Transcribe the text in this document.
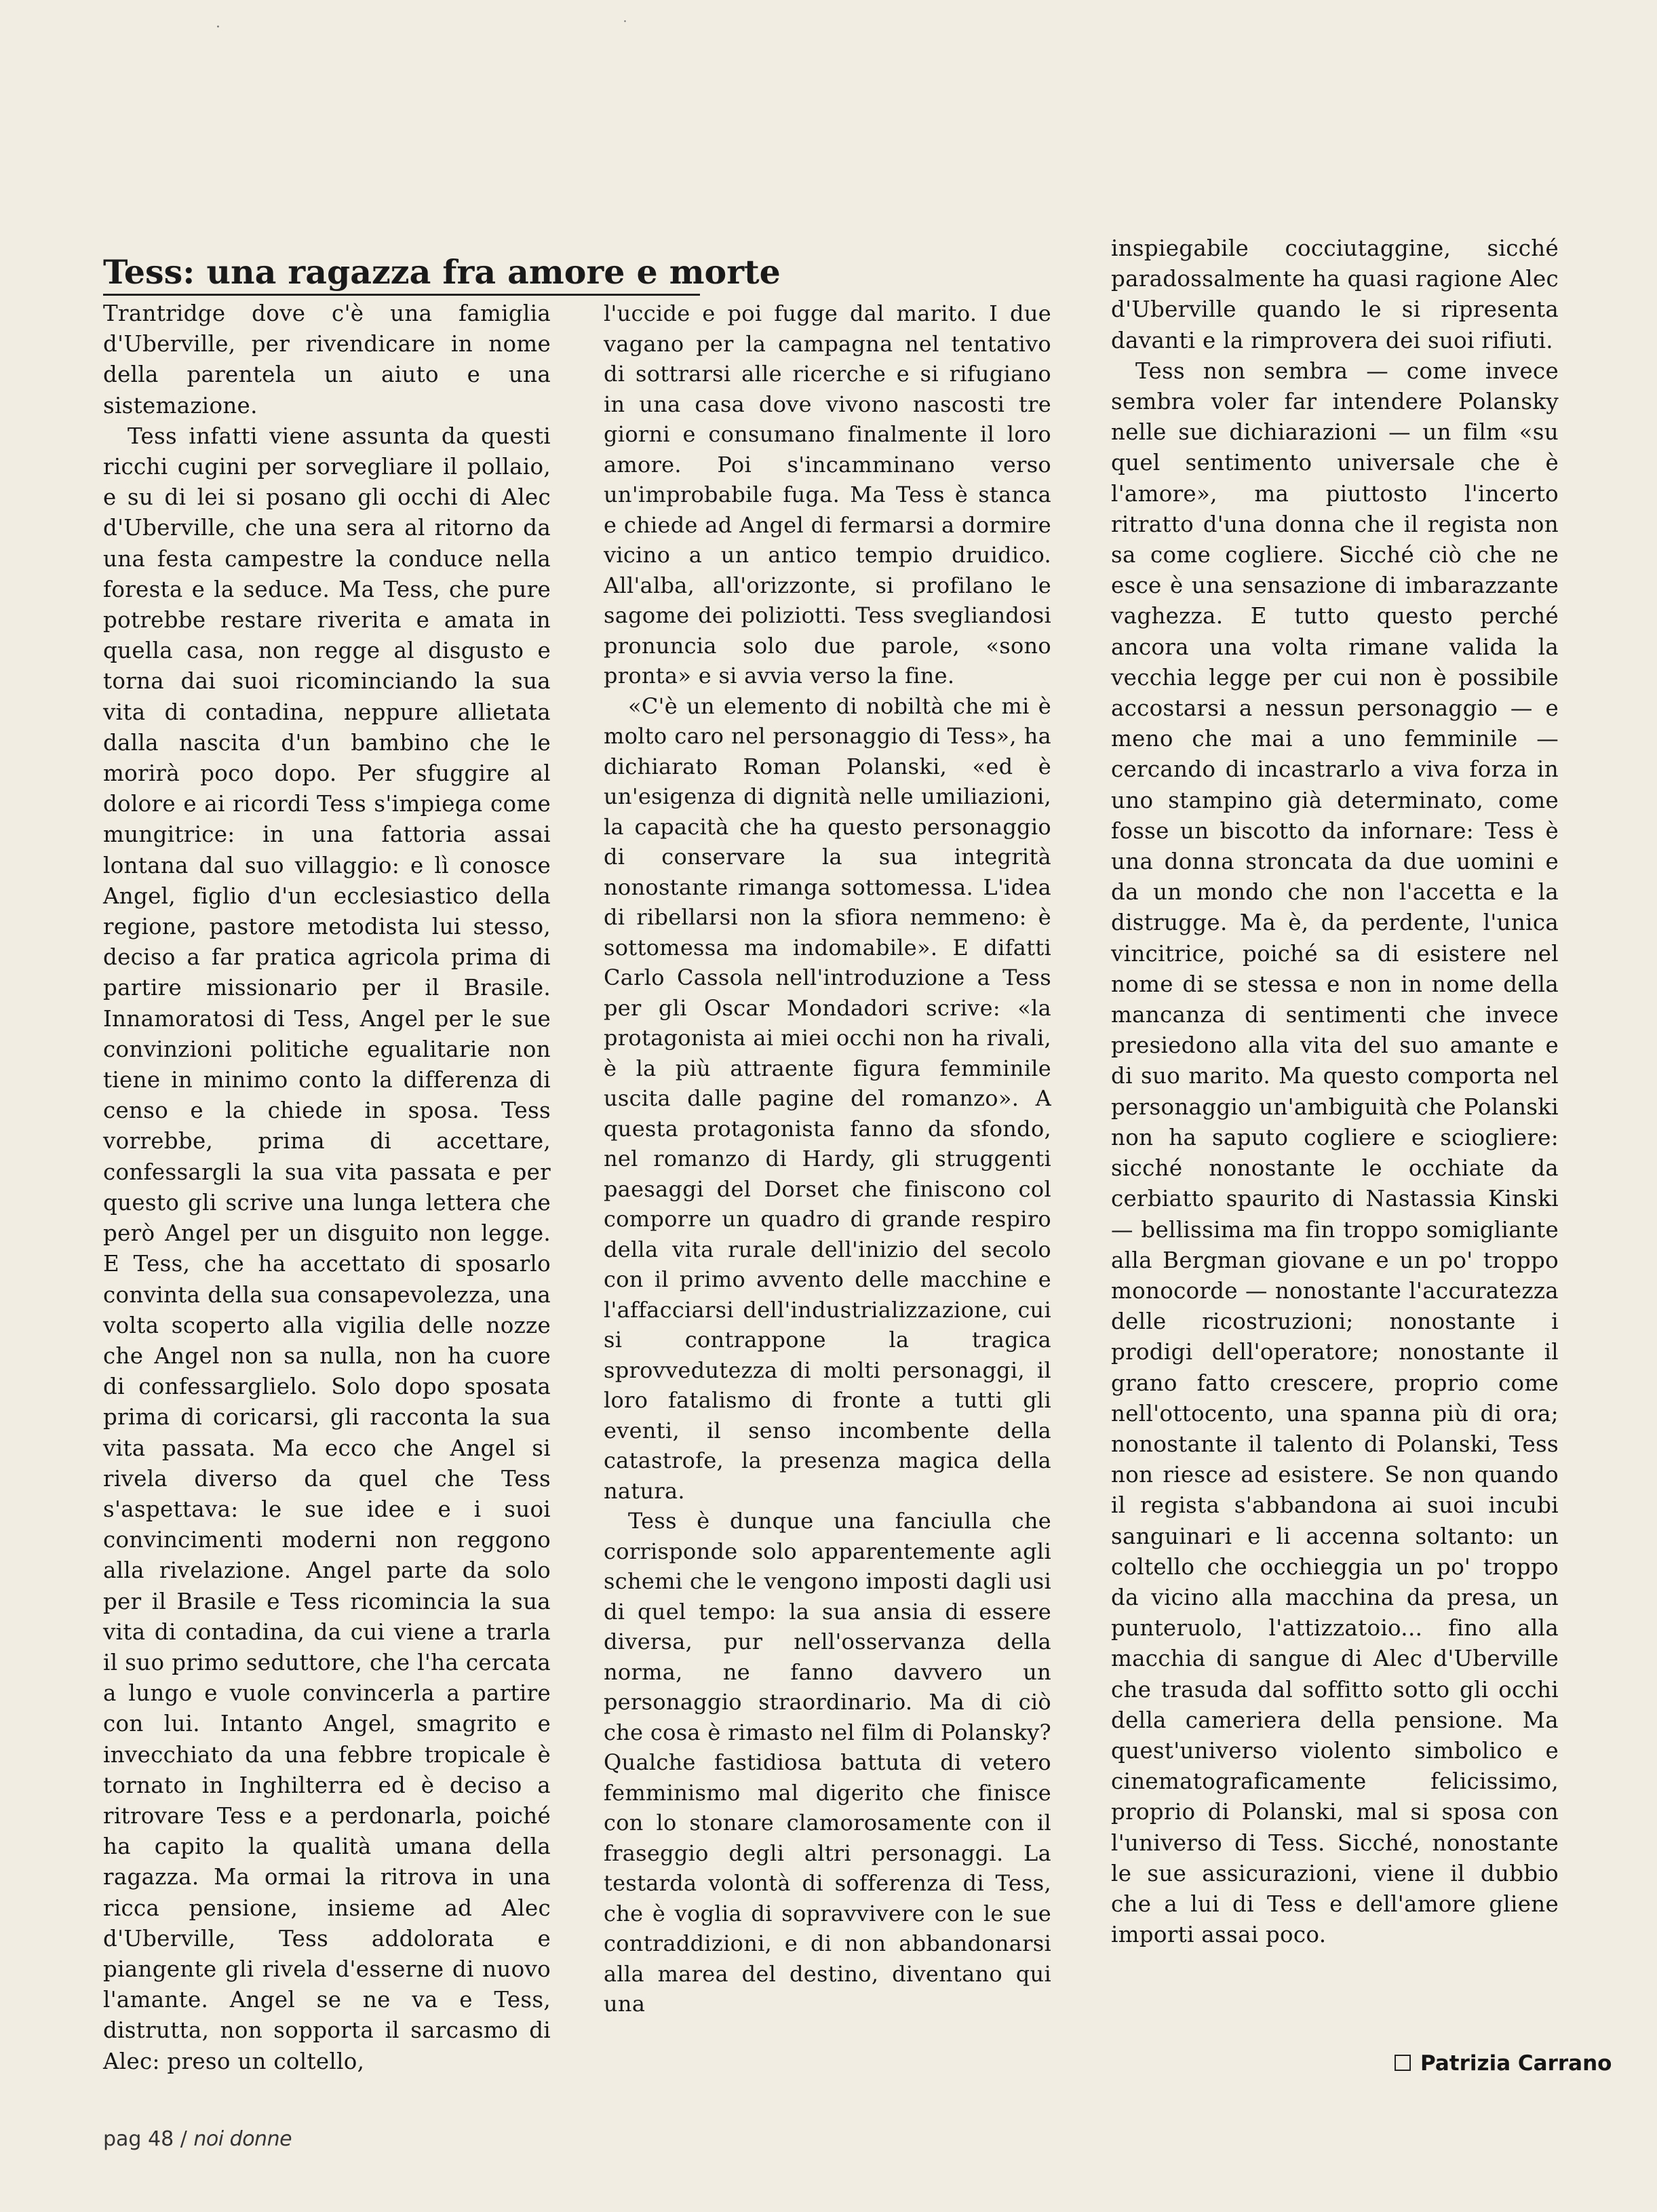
·	˙
Tess: una ragazza fra amore e morte

Trantridge dove c'è una famiglia d'Uberville, per rivendicare in nome della parentela un aiuto e una sistemazione.

Tess infatti viene assunta da questi ricchi cugini per sorvegliare il pollaio, e su di lei si posano gli occhi di Alec d'Uberville, che una sera al ritorno da una festa campestre la conduce nella foresta e la seduce. Ma Tess, che pure potrebbe restare riverita e amata in quella casa, non regge al disgusto e torna dai suoi ricominciando la sua vita di contadina, neppure allietata dalla nascita d'un bambino che le morirà poco dopo. Per sfuggire al dolore e ai ricordi Tess s'impiega come mungitrice: in una fattoria assai lontana dal suo villaggio: e lì conosce Angel, figlio d'un ecclesiastico della regione, pastore metodista lui stesso, deciso a far pratica agricola prima di partire missionario per il Brasile. Innamoratosi di Tess, Angel per le sue convinzioni politiche egualitarie non tiene in minimo conto la differenza di censo e la chiede in sposa. Tess vorrebbe, prima di accettare, confessargli la sua vita passata e per questo gli scrive una lunga lettera che però Angel per un disguito non legge. E Tess, che ha accettato di sposarlo convinta della sua consapevolezza, una volta scoperto alla vigilia delle nozze che Angel non sa nulla, non ha cuore di confessarglielo. Solo dopo sposata prima di coricarsi, gli racconta la sua vita passata. Ma ecco che Angel si rivela diverso da quel che Tess s'aspettava: le sue idee e i suoi convincimenti moderni non reggono alla rivelazione. Angel parte da solo per il Brasile e Tess ricomincia la sua vita di contadina, da cui viene a trarla il suo primo seduttore, che l'ha cercata a lungo e vuole convincerla a partire con lui. Intanto Angel, smagrito e invecchiato da una febbre tropicale è tornato in Inghilterra ed è deciso a ritrovare Tess e a perdonarla, poiché ha capito la qualità umana della ragazza. Ma ormai la ritrova in una ricca pensione, insieme ad Alec d'Uberville, Tess addolorata e piangente gli rivela d'esserne di nuovo l'amante. Angel se ne va e Tess, distrutta, non sopporta il sarcasmo di Alec: preso un coltello,

l'uccide e poi fugge dal marito. I due vagano per la campagna nel tentativo di sottrarsi alle ricerche e si rifugiano in una casa dove vivono nascosti tre giorni e consumano finalmente il loro amore. Poi s'incamminano verso un'improbabile fuga. Ma Tess è stanca e chiede ad Angel di fermarsi a dormire vicino a un antico tempio druidico. All'alba, all'orizzonte, si profilano le sagome dei poliziotti. Tess svegliandosi pronuncia solo due parole, «sono pronta» e si avvia verso la fine.

«C'è un elemento di nobiltà che mi è molto caro nel personaggio di Tess», ha dichiarato Roman Polanski, «ed è un'esigenza di dignità nelle umiliazioni, la capacità che ha questo personaggio di conservare la sua integrità nonostante rimanga sottomessa. L'idea di ribellarsi non la sfiora nemmeno: è sottomessa ma indomabile». E difatti Carlo Cassola nell'introduzione a Tess per gli Oscar Mondadori scrive: «la protagonista ai miei occhi non ha rivali, è la più attraente figura femminile uscita dalle pagine del romanzo». A questa protagonista fanno da sfondo, nel romanzo di Hardy, gli struggenti paesaggi del Dorset che finiscono col comporre un quadro di grande respiro della vita rurale dell'inizio del secolo con il primo avvento delle macchine e l'affacciarsi dell'industrializzazione, cui si contrappone la tragica sprovvedutezza di molti personaggi, il loro fatalismo di fronte a tutti gli eventi, il senso incombente della catastrofe, la presenza magica della natura.

Tess è dunque una fanciulla che corrisponde solo apparentemente agli schemi che le vengono imposti dagli usi di quel tempo: la sua ansia di essere diversa, pur nell'osservanza della norma, ne fanno davvero un personaggio straordinario. Ma di ciò che cosa è rimasto nel film di Polansky? Qualche fastidiosa battuta di vetero femminismo mal digerito che finisce con lo stonare clamorosamente con il fraseggio degli altri personaggi. La testarda volontà di sofferenza di Tess, che è voglia di sopravvivere con le sue contraddizioni, e di non abbandonarsi alla marea del destino, diventano qui una

inspiegabile cocciutaggine, sicché paradossalmente ha quasi ragione Alec d'Uberville quando le si ripresenta davanti e la rimprovera dei suoi rifiuti.

Tess non sembra — come invece sembra voler far intendere Polansky nelle sue dichiarazioni — un film «su quel sentimento universale che è l'amore», ma piuttosto l'incerto ritratto d'una donna che il regista non sa come cogliere. Sicché ciò che ne esce è una sensazione di imbarazzante vaghezza. E tutto questo perché ancora una volta rimane valida la vecchia legge per cui non è possibile accostarsi a nessun personaggio — e meno che mai a uno femminile — cercando di incastrarlo a viva forza in uno stampino già determinato, come fosse un biscotto da infornare: Tess è una donna stroncata da due uomini e da un mondo che non l'accetta e la distrugge. Ma è, da perdente, l'unica vincitrice, poiché sa di esistere nel nome di se stessa e non in nome della mancanza di sentimenti che invece presiedono alla vita del suo amante e di suo marito. Ma questo comporta nel personaggio un'ambiguità che Polanski non ha saputo cogliere e sciogliere: sicché nonostante le occhiate da cerbiatto spaurito di Nastassia Kinski — bellissima ma fin troppo somigliante alla Bergman giovane e un po' troppo monocorde — nonostante l'accuratezza delle ricostruzioni; nonostante i prodigi dell'operatore; nonostante il grano fatto crescere, proprio come nell'ottocento, una spanna più di ora; nonostante il talento di Polanski, Tess non riesce ad esistere. Se non quando il regista s'abbandona ai suoi incubi sanguinari e li accenna soltanto: un coltello che occhieggia un po' troppo da vicino alla macchina da presa, un punteruolo, l'attizzatoio... fino alla macchia di sangue di Alec d'Uberville che trasuda dal soffitto sotto gli occhi della cameriera della pensione. Ma quest'universo violento simbolico e cinematograficamente felicissimo, proprio di Polanski, mal si sposa con l'universo di Tess. Sicché, nonostante le sue assicurazioni, viene il dubbio che a lui di Tess e dell'amore gliene importi assai poco.

Patrizia Carrano
pag 48 / noi donne
